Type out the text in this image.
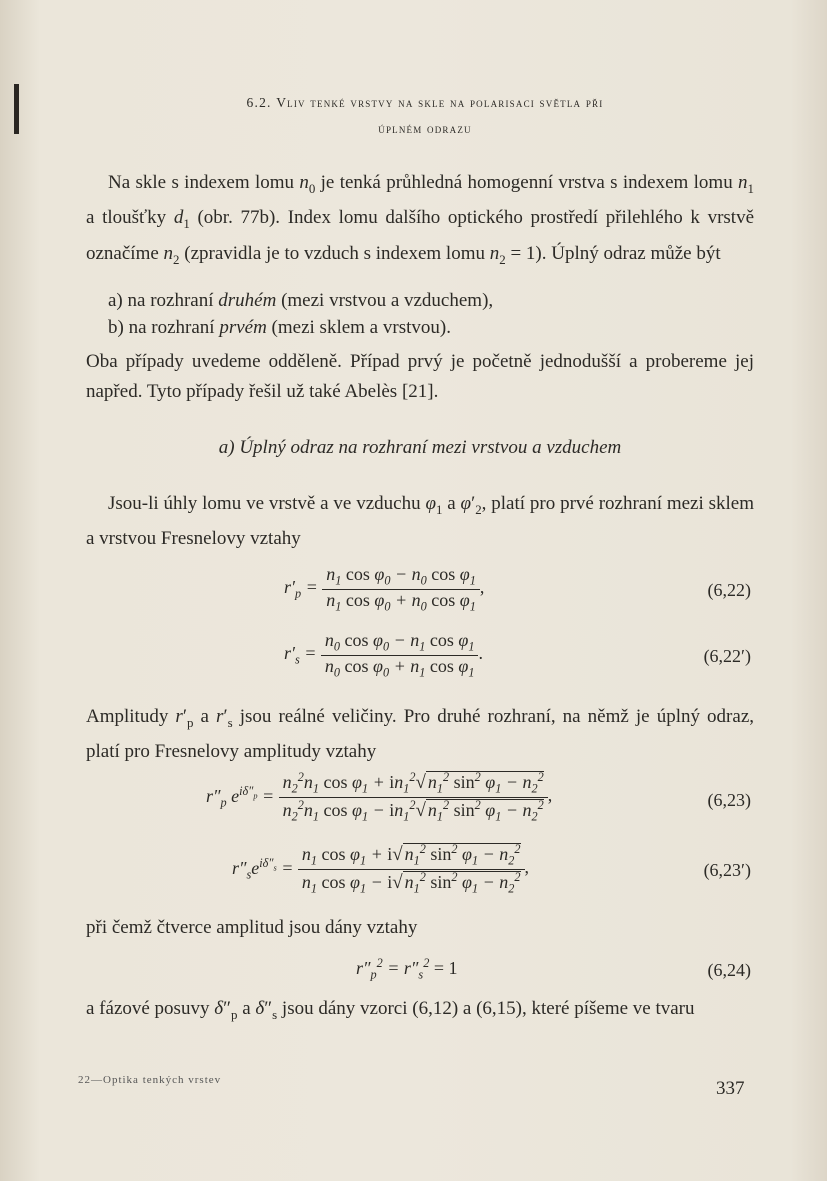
6.2. Vliv tenké vrstvy na skle na polarisaci světla při
úplném odrazu

Na skle s indexem lomu $n_0$ je tenká průhledná homogenní vrstva s indexem lomu $n_1$ a tloušťky $d_1$ (obr. 77b). Index lomu dalšího optického prostředí přilehlého k vrstvě označíme $n_2$ (zpravidla je to vzduch s indexem lomu $n_2 = 1$). Úplný odraz může být

a) na rozhraní druhém (mezi vrstvou a vzduchem),
b) na rozhraní prvém (mezi sklem a vrstvou).

Oba případy uvedeme odděleně. Případ prvý je početně jednodušší a probereme jej napřed. Tyto případy řešil už také Abelès [21].

a) Úplný odraz na rozhraní mezi vrstvou a vzduchem

Jsou-li úhly lomu ve vrstvě a ve vzduchu $\varphi_1$ a $\varphi'_2$, platí pro prvé rozhraní mezi sklem a vrstvou Fresnelovy vztahy

$r'_p = \frac{n_1 \cos \varphi_0 - n_0 \cos \varphi_1}{n_1 \cos \varphi_0 + n_0 \cos \varphi_1}$ ,	(6,22)
$r'_s = \frac{n_0 \cos \varphi_0 - n_1 \cos \varphi_1}{n_0 \cos \varphi_0 + n_1 \cos \varphi_1}$ .	(6,22′)

Amplitudy $r'_p$ a $r'_s$ jsou reálné veličiny. Pro druhé rozhraní, na němž je úplný odraz, platí pro Fresnelovy amplitudy vztahy

$r''_p$ $e^{i\delta''_p} = \frac{n_2^2n_1 \cos \varphi_1 + in_1^2√ n_1^2 \sin^2 \varphi_1 - n_2^2}{n_2^2n_1 \cos \varphi_1 - in_1^2√ n_1^2 \sin^2 \varphi_1 - n_2^2}$ ,	(6,23)
$r''_se^{i\delta''_s} = \frac{n_1 \cos \varphi_1 + i√ n_1^2 \sin^2 \varphi_1 - n_2^2}{n_1 \cos \varphi_1 - i√ n_1^2 \sin^2 \varphi_1 - n_2^2}$ ,	(6,23′)

při čemž čtverce amplitud jsou dány vztahy

$r''_p^2 = r''_s^2 = 1$	(6,24)

a fázové posuvy $\delta''_p$ a $\delta''_s$ jsou dány vzorci (6,12) a (6,15), které píšeme ve tvaru

22—Optika tenkých vrstev	337
